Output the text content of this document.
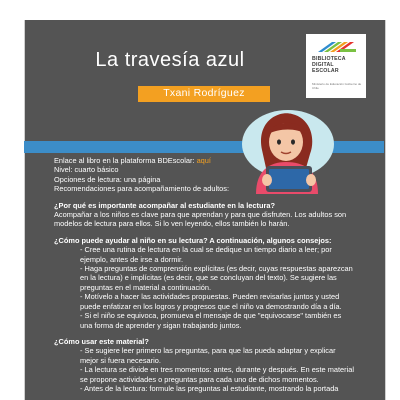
La travesía azul	BIBLIOTECA
DIGITAL
ESCOLAR
Ministerio de Educación Gobierno de Chile
Txani Rodríguez

Enlace al libro en la plataforma BDEscolar: aquí

Nivel: cuarto básico

Opciones de lectura: una página

Recomendaciones para acompañamiento de adultos:

¿Por qué es importante acompañar al estudiante en la lectura?

Acompañar a los niños es clave para que aprendan y para que disfruten. Los adultos son modelos de lectura para ellos. Si lo ven leyendo, ellos también lo harán.

¿Cómo puede ayudar al niño en su lectura? A continuación, algunos consejos:

- Cree una rutina de lectura en la cual se dedique un tiempo diario a leer; por ejemplo, antes de irse a dormir.

- Haga preguntas de comprensión explícitas (es decir, cuyas respuestas aparezcan en la lectura) e implícitas (es decir, que se concluyan del texto). Se sugiere las preguntas en el material a continuación.

- Motívelo a hacer las actividades propuestas. Pueden revisarlas juntos y usted puede enfatizar en los logros y progresos que el niño va demostrando día a día.

- Si el niño se equivoca, promueva el mensaje de que "equivocarse" también es una forma de aprender y sigan trabajando juntos.

¿Cómo usar este material?

- Se sugiere leer primero las preguntas, para que las pueda adaptar y explicar mejor si fuera necesario.

- La lectura se divide en tres momentos: antes, durante y después. En este material se propone actividades o preguntas para cada uno de dichos momentos.

- Antes de la lectura: formule las preguntas al estudiante, mostrando la portada
